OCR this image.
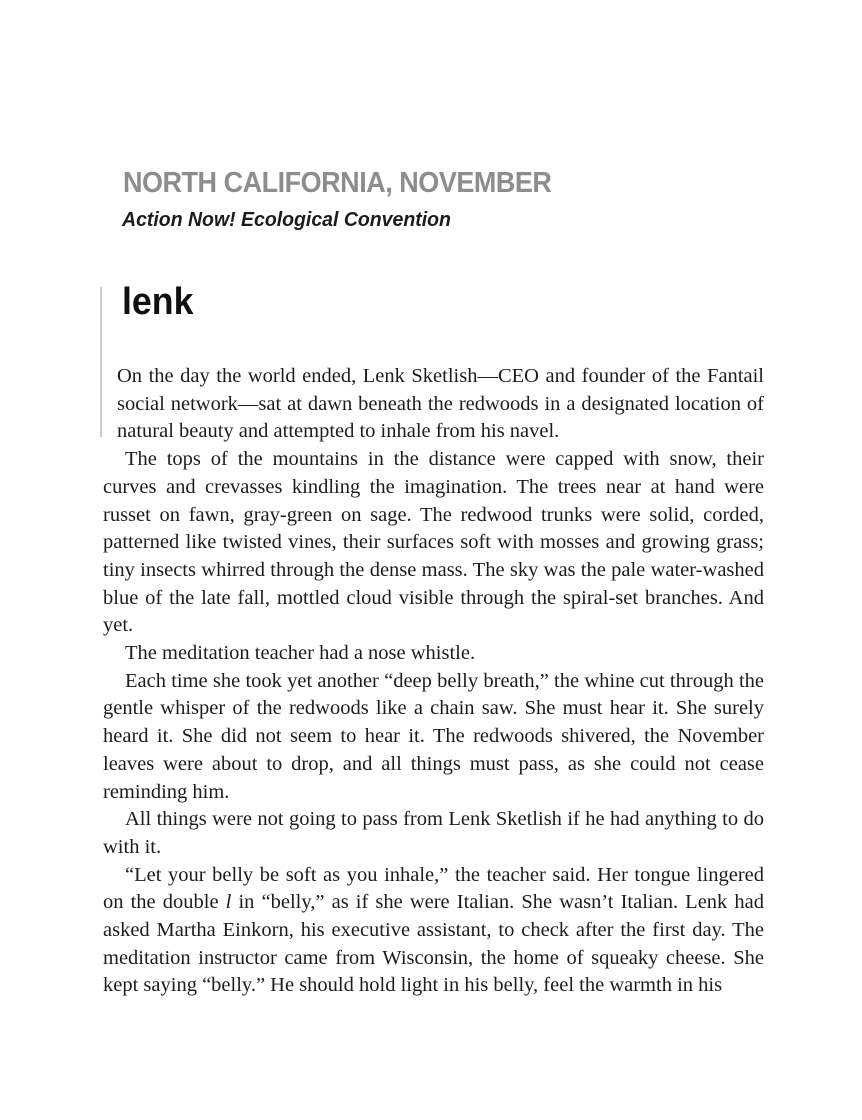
NORTH CALIFORNIA, NOVEMBER
Action Now! Ecological Convention
lenk

On the day the world ended, Lenk Sketlish—CEO and founder of the Fantail social network—sat at dawn beneath the redwoods in a designated location of natural beauty and attempted to inhale from his navel.

The tops of the mountains in the distance were capped with snow, their curves and crevasses kindling the imagination. The trees near at hand were russet on fawn, gray-green on sage. The redwood trunks were solid, corded, patterned like twisted vines, their surfaces soft with mosses and growing grass; tiny insects whirred through the dense mass. The sky was the pale water-washed blue of the late fall, mottled cloud visible through the spiral-set branches. And yet.

The meditation teacher had a nose whistle.

Each time she took yet another “deep belly breath,” the whine cut through the gentle whisper of the redwoods like a chain saw. She must hear it. She surely heard it. She did not seem to hear it. The redwoods shivered, the November leaves were about to drop, and all things must pass, as she could not cease reminding him.

All things were not going to pass from Lenk Sketlish if he had anything to do with it.

“Let your belly be soft as you inhale,” the teacher said. Her tongue lingered on the double l in “belly,” as if she were Italian. She wasn’t Italian. Lenk had asked Martha Einkorn, his executive assistant, to check after the first day. The meditation instructor came from Wisconsin, the home of squeaky cheese. She kept saying “belly.” He should hold light in his belly, feel the warmth in his
